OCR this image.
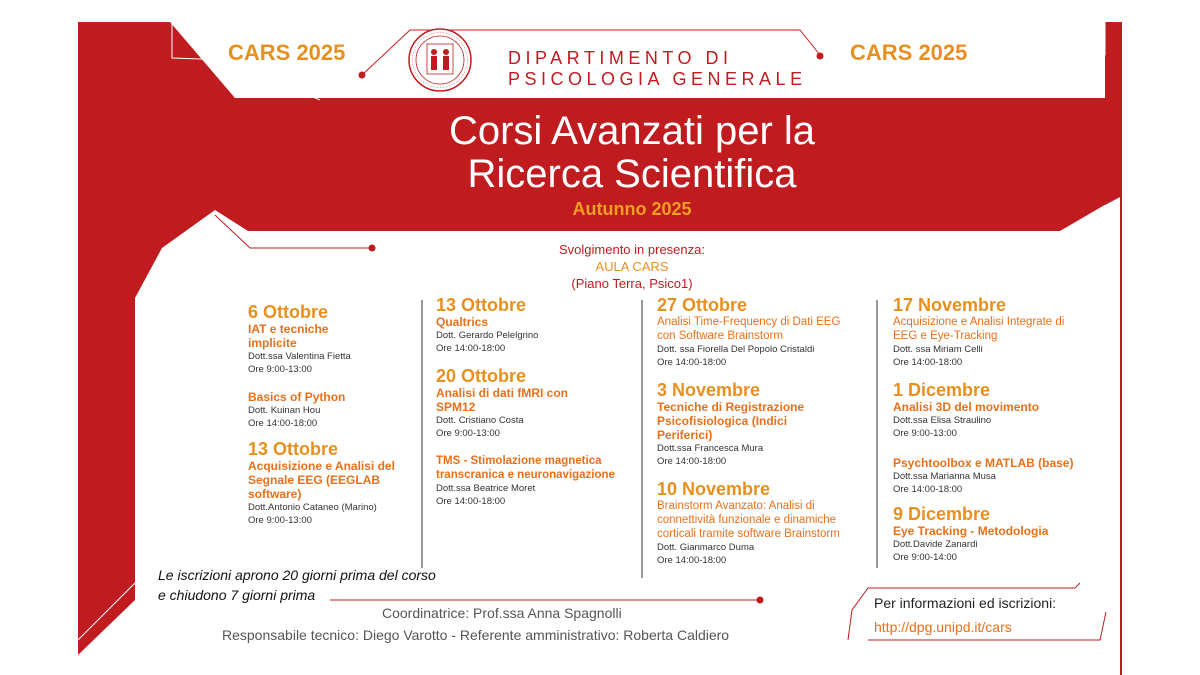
CARS 2025	CARS 2025
DIPARTIMENTO DI
PSICOLOGIA GENERALE
Corsi Avanzati per la
Ricerca Scientifica
Autunno 2025
Svolgimento in presenza:
AULA CARS
(Piano Terra, Psico1)
6 Ottobre
IAT e tecniche implicite
Dott.ssa Valentina Fietta
Ore 9:00-13:00
Basics of Python
Dott. Kuinan Hou
Ore 14:00-18:00
13 Ottobre
Acquisizione e Analisi del Segnale EEG (EEGLAB software)
Dott.Antonio Cataneo (Marino)
Ore 9:00-13:00
13 Ottobre
Qualtrics
Dott. Gerardo Pelelgrino
Ore 14:00-18:00
20 Ottobre
Analisi di dati fMRI con SPM12
Dott. Cristiano Costa
Ore 9:00-13:00
TMS - Stimolazione magnetica transcranica e neuronavigazione
Dott.ssa Beatrice Moret
Ore 14:00-18:00
27 Ottobre
Analisi Time-Frequency di Dati EEG con Software Brainstorm
Dott. ssa Fiorella Del Popolo Cristaldi
Ore 14:00-18:00
3 Novembre
Tecniche di Registrazione Psicofisiologica (Indici Periferici)
Dott.ssa Francesca Mura
Ore 14:00-18:00
10 Novembre
Brainstorm Avanzato: Analisi di connettività funzionale e dinamiche corticali tramite software Brainstorm
Dott. Gianmarco Duma
Ore 14:00-18:00
17 Novembre
Acquisizione e Analisi Integrate di EEG e Eye-Tracking
Dott. ssa Miriam Celli
Ore 14:00-18:00
1 Dicembre
Analisi 3D del movimento
Dott.ssa Elisa Straulino
Ore 9:00-13:00
Psychtoolbox e MATLAB (base)
Dott.ssa Marianna Musa
Ore 14:00-18:00
9 Dicembre
Eye Tracking - Metodologia
Dott.Davide Zanardi
Ore 9:00-14:00
Le iscrizioni aprono 20 giorni prima del corso
e chiudono 7 giorni prima
Coordinatrice: Prof.ssa Anna Spagnolli
Responsabile tecnico: Diego Varotto - Referente amministrativo: Roberta Caldiero
Per informazioni ed iscrizioni:
http://dpg.unipd.it/cars
